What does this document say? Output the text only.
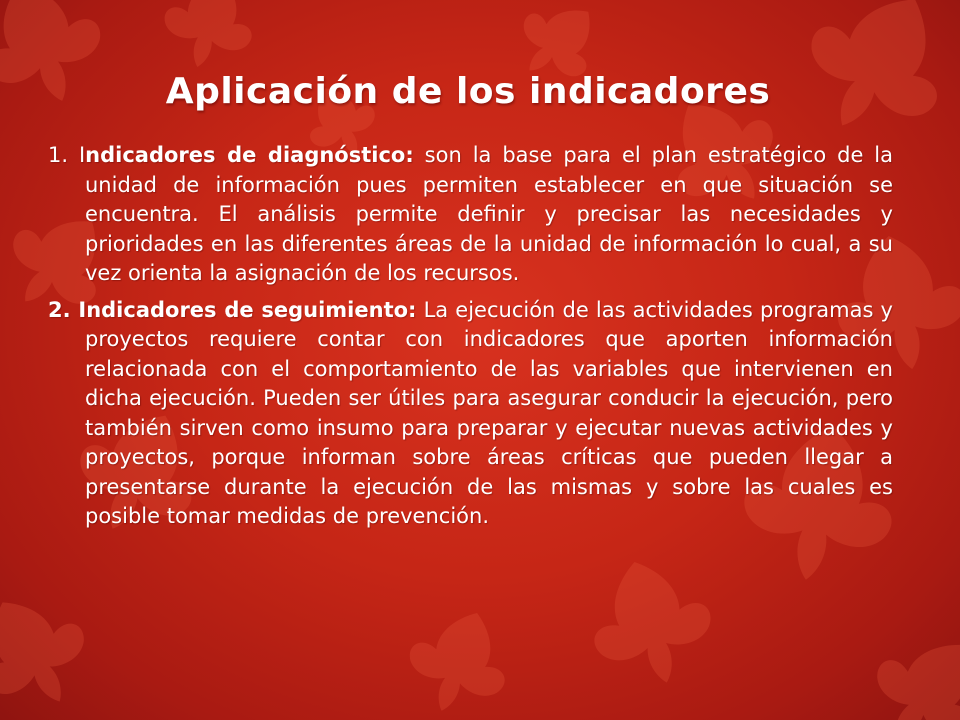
Aplicación de los indicadores

1. Indicadores de diagnóstico: son la base para el plan estratégico de la unidad de información pues permiten establecer en que situación se encuentra. El análisis permite definir y precisar las necesidades y prioridades en las diferentes áreas de la unidad de información lo cual, a su vez orienta la asignación de los recursos.

2. Indicadores de seguimiento: La ejecución de las actividades programas y proyectos requiere contar con indicadores que aporten información relacionada con el comportamiento de las variables que intervienen en dicha ejecución. Pueden ser útiles para asegurar conducir la ejecución, pero también sirven como insumo para preparar y ejecutar nuevas actividades y proyectos, porque informan sobre áreas críticas que pueden llegar a presentarse durante la ejecución de las mismas y sobre las cuales es posible tomar medidas de prevención.
